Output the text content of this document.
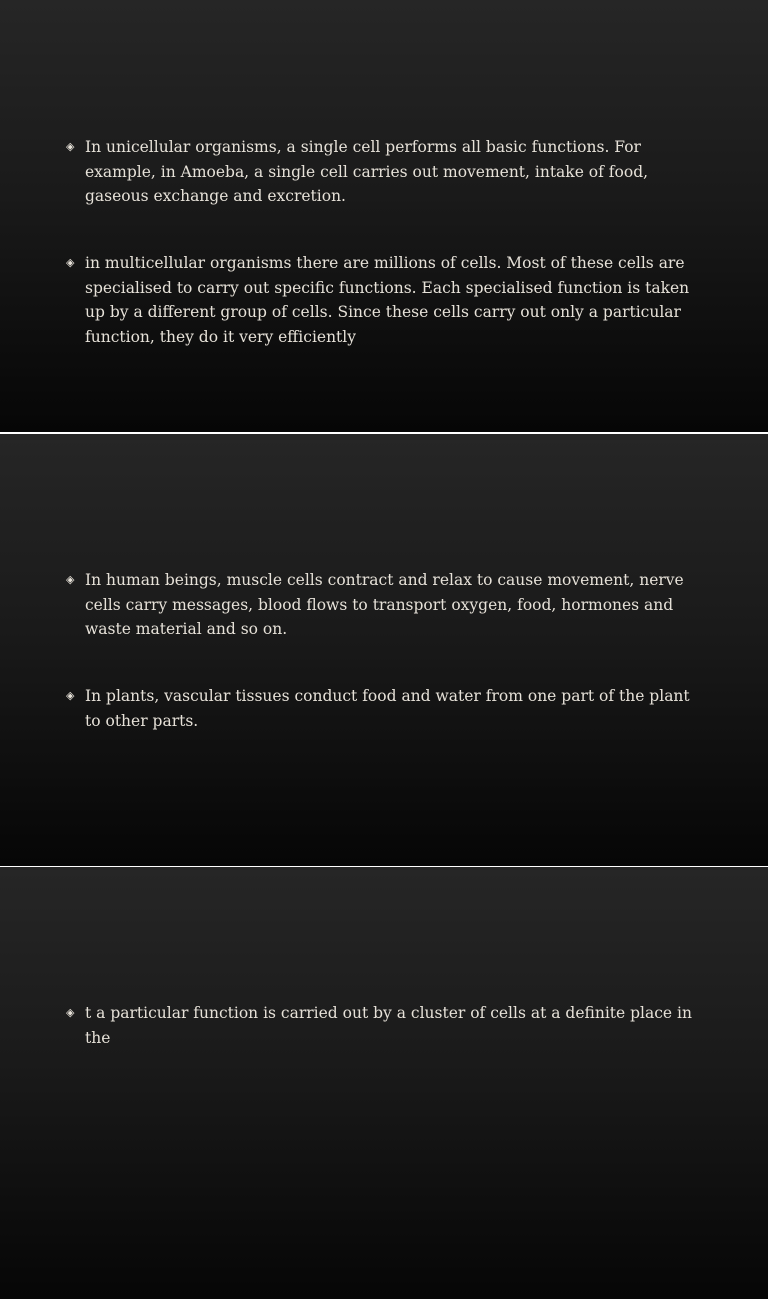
◈ In unicellular organisms, a single cell performs all basic functions. For example, in Amoeba, a single cell carries out movement, intake of food, gaseous exchange and excretion.
◈ in multicellular organisms there are millions of cells. Most of these cells are specialised to carry out specific functions. Each specialised function is taken up by a different group of cells. Since these cells carry out only a particular function, they do it very efficiently
◈ In human beings, muscle cells contract and relax to cause movement, nerve cells carry messages, blood flows to transport oxygen, food, hormones and waste material and so on.
◈ In plants, vascular tissues conduct food and water from one part of the plant to other parts.
◈ t a particular function is carried out by a cluster of cells at a definite place in the
